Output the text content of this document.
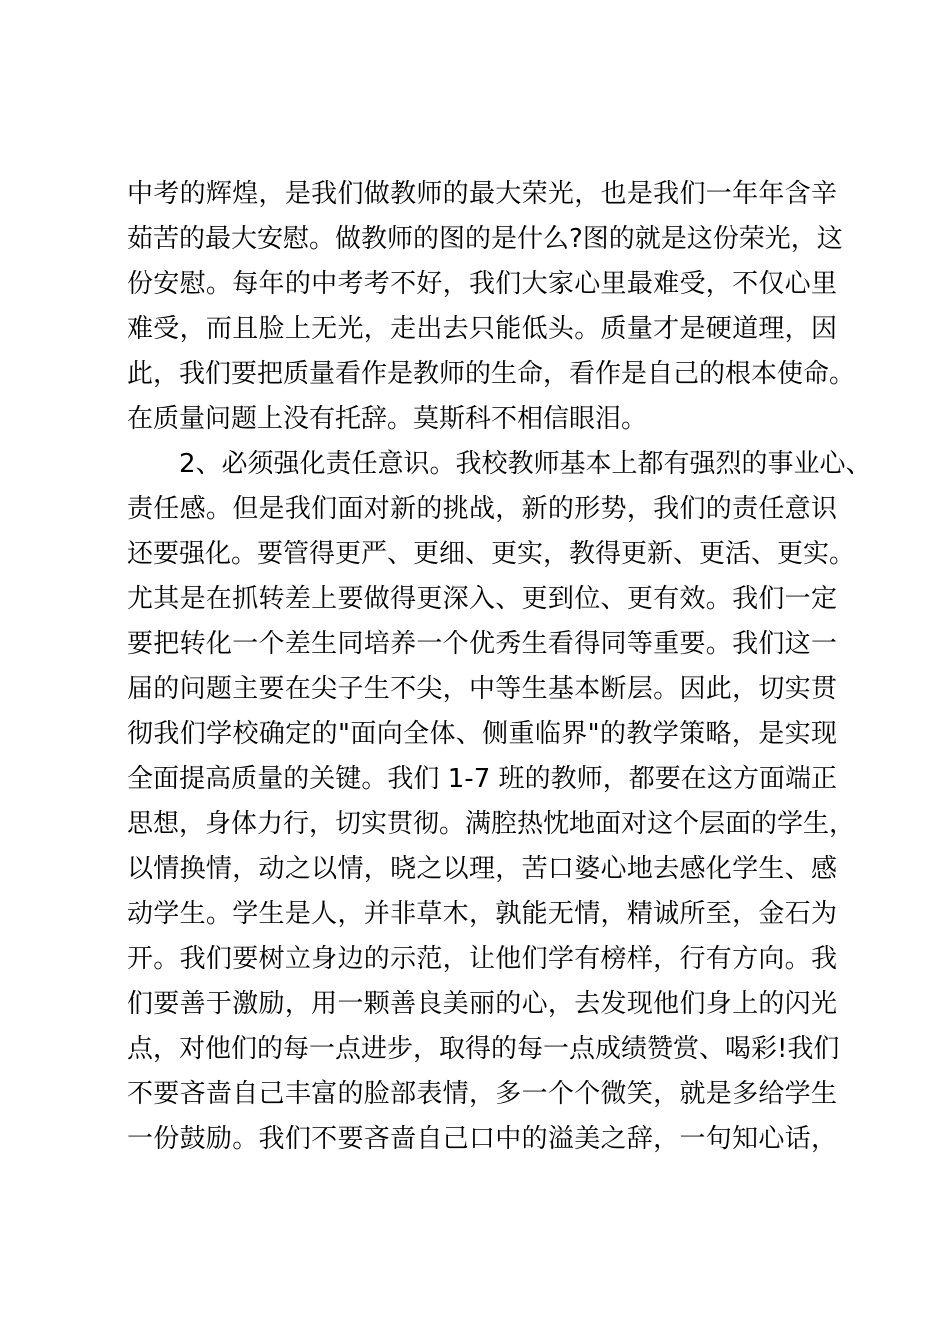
中考的辉煌，是我们做教师的最大荣光，也是我们一年年含辛
茹苦的最大安慰。做教师的图的是什么?图的就是这份荣光，这
份安慰。每年的中考考不好，我们大家心里最难受，不仅心里
难受，而且脸上无光，走出去只能低头。质量才是硬道理，因
此，我们要把质量看作是教师的生命，看作是自己的根本使命。
在质量问题上没有托辞。莫斯科不相信眼泪。
2、必须强化责任意识。我校教师基本上都有强烈的事业心、
责任感。但是我们面对新的挑战，新的形势，我们的责任意识
还要强化。要管得更严、更细、更实，教得更新、更活、更实。
尤其是在抓转差上要做得更深入、更到位、更有效。我们一定
要把转化一个差生同培养一个优秀生看得同等重要。我们这一
届的问题主要在尖子生不尖，中等生基本断层。因此，切实贯
彻我们学校确定的"面向全体、侧重临界"的教学策略，是实现
全面提高质量的关键。我们 1-7 班的教师，都要在这方面端正
思想，身体力行，切实贯彻。满腔热忱地面对这个层面的学生，
以情换情，动之以情，晓之以理，苦口婆心地去感化学生、感
动学生。学生是人，并非草木，孰能无情，精诚所至，金石为
开。我们要树立身边的示范，让他们学有榜样，行有方向。我
们要善于激励，用一颗善良美丽的心，去发现他们身上的闪光
点，对他们的每一点进步，取得的每一点成绩赞赏、喝彩!我们
不要吝啬自己丰富的脸部表情，多一个个微笑，就是多给学生
一份鼓励。我们不要吝啬自己口中的溢美之辞，一句知心话，
